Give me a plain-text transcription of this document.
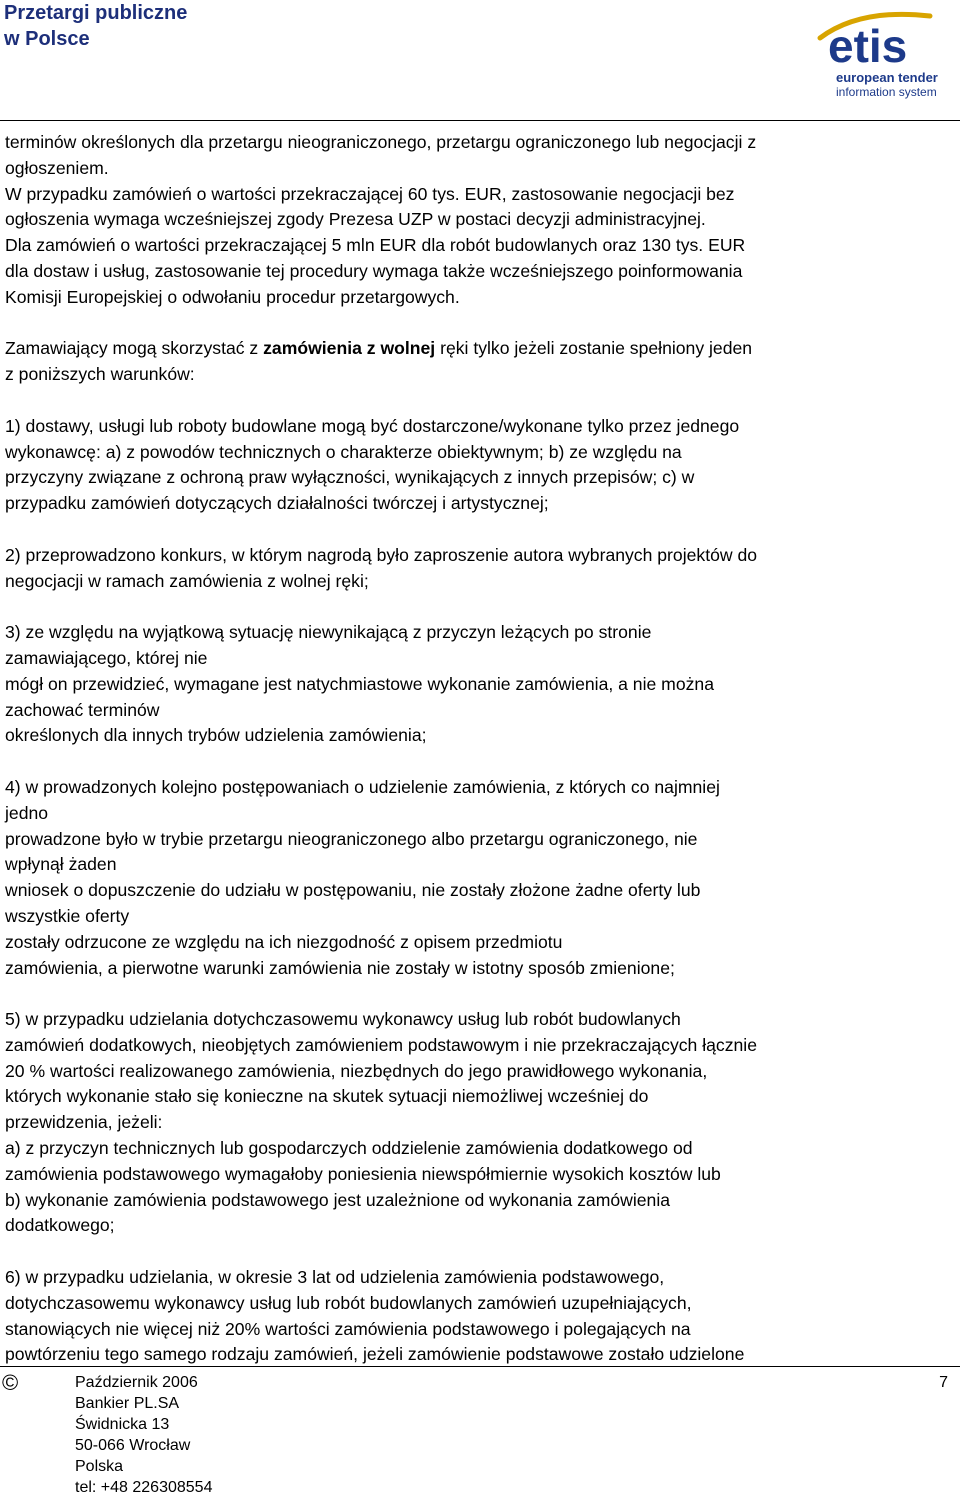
Przetargi publiczne
w Polsce	etis
european tender
information system

terminów określonych dla przetargu nieograniczonego, przetargu ograniczonego lub negocjacji z

ogłoszeniem.

W przypadku zamówień o wartości przekraczającej 60 tys. EUR, zastosowanie negocjacji bez

ogłoszenia wymaga wcześniejszej zgody Prezesa UZP w postaci decyzji administracyjnej.

Dla zamówień o wartości przekraczającej 5 mln EUR dla robót budowlanych oraz 130 tys. EUR

dla dostaw i usług, zastosowanie tej procedury wymaga także wcześniejszego poinformowania

Komisji Europejskiej o odwołaniu procedur przetargowych.

Zamawiający mogą skorzystać z zamówienia z wolnej ręki tylko jeżeli zostanie spełniony jeden

z poniższych warunków:

1) dostawy, usługi lub roboty budowlane mogą być dostarczone/wykonane tylko przez jednego

wykonawcę: a) z powodów technicznych o charakterze obiektywnym; b) ze względu na

przyczyny związane z ochroną praw wyłączności, wynikających z innych przepisów; c) w

przypadku zamówień dotyczących działalności twórczej i artystycznej;

2) przeprowadzono konkurs, w którym nagrodą było zaproszenie autora wybranych projektów do

negocjacji w ramach zamówienia z wolnej ręki;

3) ze względu na wyjątkową sytuację niewynikającą z przyczyn leżących po stronie

zamawiającego, której nie

mógł on przewidzieć, wymagane jest natychmiastowe wykonanie zamówienia, a nie można

zachować terminów

określonych dla innych trybów udzielenia zamówienia;

4) w prowadzonych kolejno postępowaniach o udzielenie zamówienia, z których co najmniej

jedno

prowadzone było w trybie przetargu nieograniczonego albo przetargu ograniczonego, nie

wpłynął żaden

wniosek o dopuszczenie do udziału w postępowaniu, nie zostały złożone żadne oferty lub

wszystkie oferty

zostały odrzucone ze względu na ich niezgodność z opisem przedmiotu

zamówienia, a pierwotne warunki zamówienia nie zostały w istotny sposób zmienione;

5) w przypadku udzielania dotychczasowemu wykonawcy usług lub robót budowlanych

zamówień dodatkowych, nieobjętych zamówieniem podstawowym i nie przekraczających łącznie

20 % wartości realizowanego zamówienia, niezbędnych do jego prawidłowego wykonania,

których wykonanie stało się konieczne na skutek sytuacji niemożliwej wcześniej do

przewidzenia, jeżeli:

a) z przyczyn technicznych lub gospodarczych oddzielenie zamówienia dodatkowego od

zamówienia podstawowego wymagałoby poniesienia niewspółmiernie wysokich kosztów lub

b) wykonanie zamówienia podstawowego jest uzależnione od wykonania zamówienia

dodatkowego;

6) w przypadku udzielania, w okresie 3 lat od udzielenia zamówienia podstawowego,

dotychczasowemu wykonawcy usług lub robót budowlanych zamówień uzupełniających,

stanowiących nie więcej niż 20% wartości zamówienia podstawowego i polegających na

powtórzeniu tego samego rodzaju zamówień, jeżeli zamówienie podstawowe zostało udzielone

©	Październik 2006
Bankier PL.SA
Świdnicka 13
50-066 Wrocław
Polska
tel: +48 226308554
7
